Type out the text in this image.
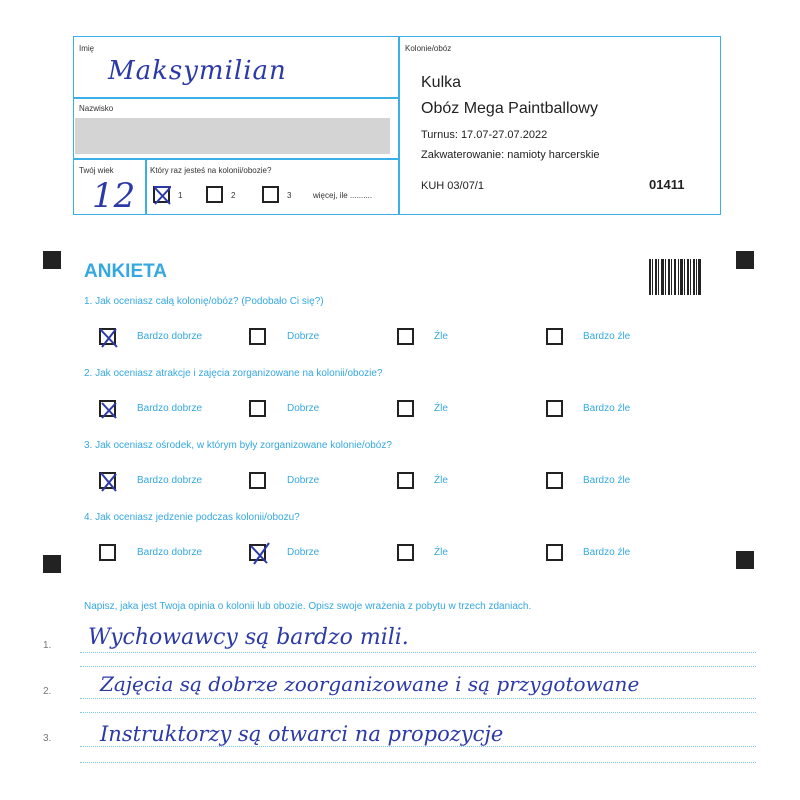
Imię
Maksymilian
Nazwisko
Twój wiek
12
Który raz jesteś na kolonii/obozie?
1	2	3	więcej, ile ..........
Kolonie/obóz
Kulka
Obóz Mega Paintballowy
Turnus: 17.07-27.07.2022
Zakwaterowanie: namioty harcerskie
KUH 03/07/1	01411
ANKIETA
1. Jak oceniasz całą kolonię/obóz? (Podobało Ci się?)
Bardzo dobrze	Dobrze	Źle	Bardzo źle
2. Jak oceniasz atrakcje i zajęcia zorganizowane na kolonii/obozie?
Bardzo dobrze	Dobrze	Źle	Bardzo źle
3. Jak oceniasz ośrodek, w którym były zorganizowane kolonie/obóz?
Bardzo dobrze	Dobrze	Źle	Bardzo źle
4. Jak oceniasz jedzenie podczas kolonii/obozu?
Bardzo dobrze	Dobrze	Źle	Bardzo źle
Napisz, jaka jest Twoja opinia o kolonii lub obozie. Opisz swoje wrażenia z pobytu w trzech zdaniach.
1. Wychowawcy są bardzo mili.
2. Zajęcia są dobrze zoorganizowane i są przygotowane
3. Instruktorzy są otwarci na propozycje
